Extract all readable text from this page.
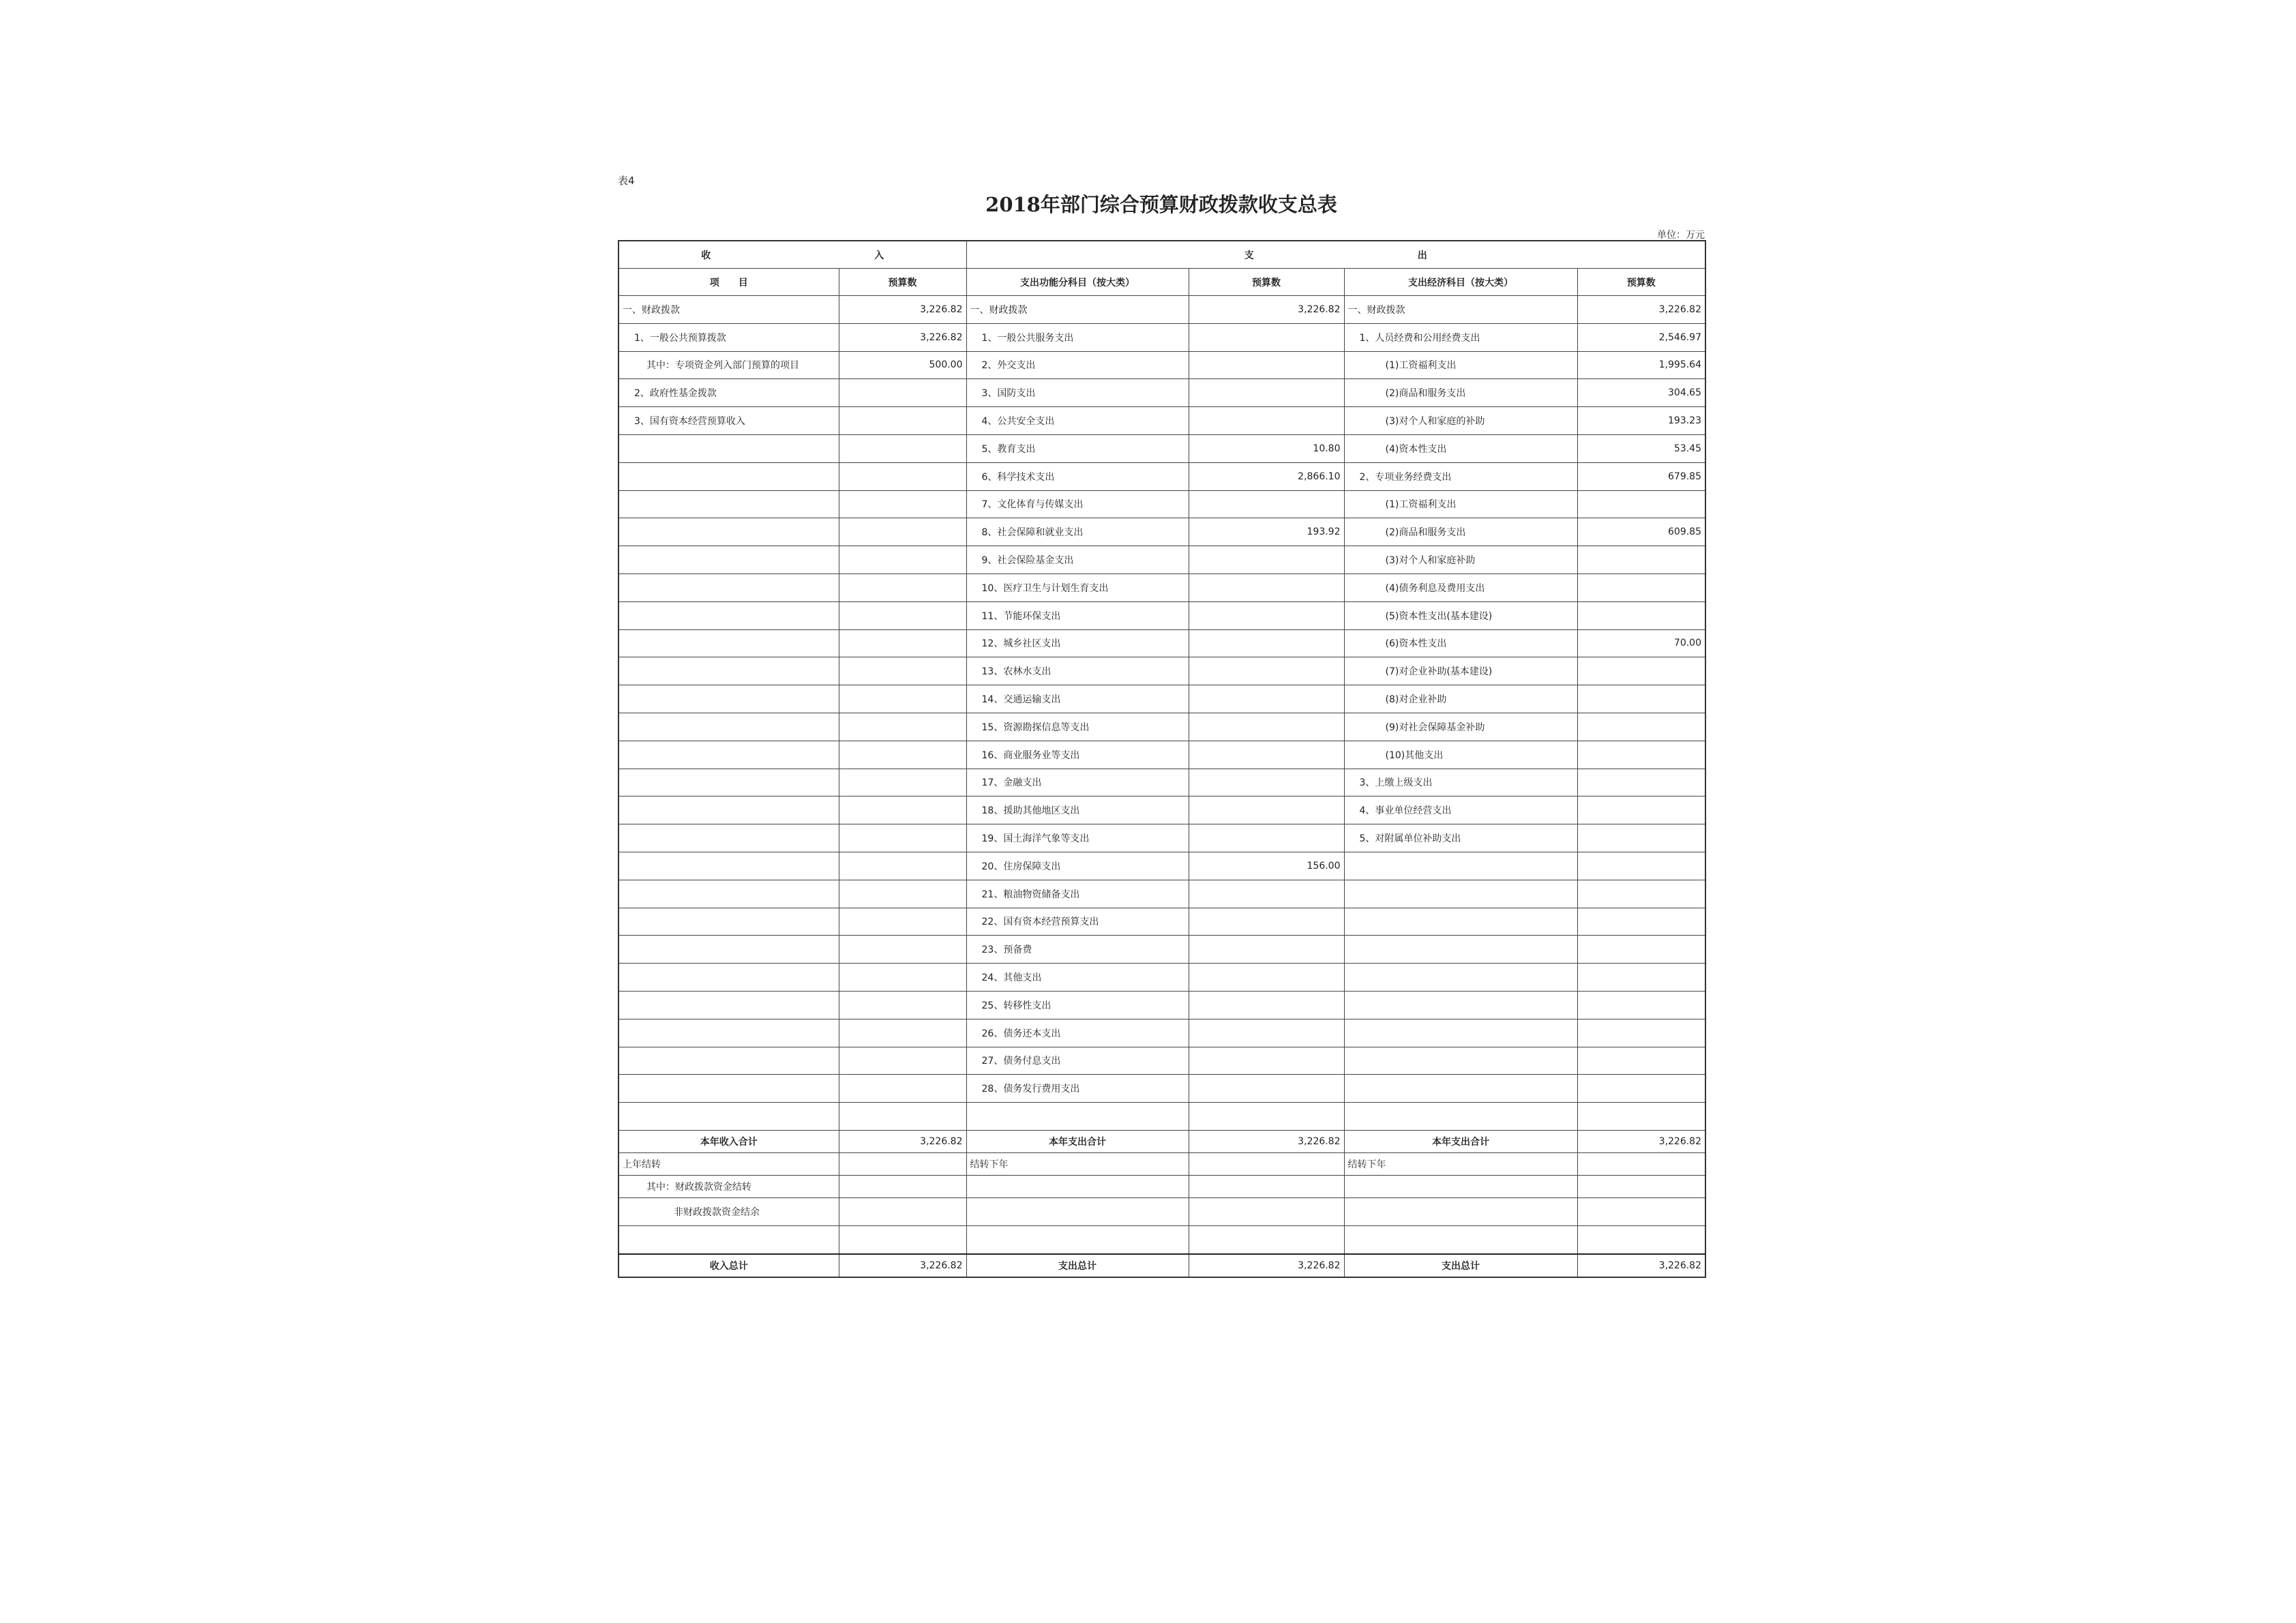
表4
2018年部门综合预算财政拨款收支总表
单位：万元
收 入		支 出			
项　　目	预算数	支出功能分科目（按大类）	预算数	支出经济科目（按大类）	预算数
一、财政拨款	3,226.82	一、财政拨款	3,226.82	一、财政拨款	3,226.82
1、一般公共预算拨款	3,226.82	1、一般公共服务支出		1、人员经费和公用经费支出	2,546.97
其中：专项资金列入部门预算的项目	500.00	2、外交支出		(1)工资福利支出	1,995.64
2、政府性基金拨款		3、国防支出		(2)商品和服务支出	304.65
3、国有资本经营预算收入		4、公共安全支出		(3)对个人和家庭的补助	193.23
		5、教育支出	10.80	(4)资本性支出	53.45
		6、科学技术支出	2,866.10	2、专项业务经费支出	679.85
		7、文化体育与传媒支出		(1)工资福利支出	
		8、社会保障和就业支出	193.92	(2)商品和服务支出	609.85
		9、社会保险基金支出		(3)对个人和家庭补助	
		10、医疗卫生与计划生育支出		(4)债务利息及费用支出	
		11、节能环保支出		(5)资本性支出(基本建设)	
		12、城乡社区支出		(6)资本性支出	70.00
		13、农林水支出		(7)对企业补助(基本建设)	
		14、交通运输支出		(8)对企业补助	
		15、资源勘探信息等支出		(9)对社会保障基金补助	
		16、商业服务业等支出		(10)其他支出	
		17、金融支出		3、上缴上级支出	
		18、援助其他地区支出		4、事业单位经营支出	
		19、国土海洋气象等支出		5、对附属单位补助支出	
		20、住房保障支出	156.00		
		21、粮油物资储备支出			
		22、国有资本经营预算支出			
		23、预备费			
		24、其他支出			
		25、转移性支出			
		26、债务还本支出			
		27、债务付息支出			
		28、债务发行费用支出			

本年收入合计	3,226.82	本年支出合计	3,226.82	本年支出合计	3,226.82
上年结转		结转下年		结转下年	
其中：财政拨款资金结转					
非财政拨款资金结余					

收入总计	3,226.82	支出总计	3,226.82	支出总计	3,226.82
